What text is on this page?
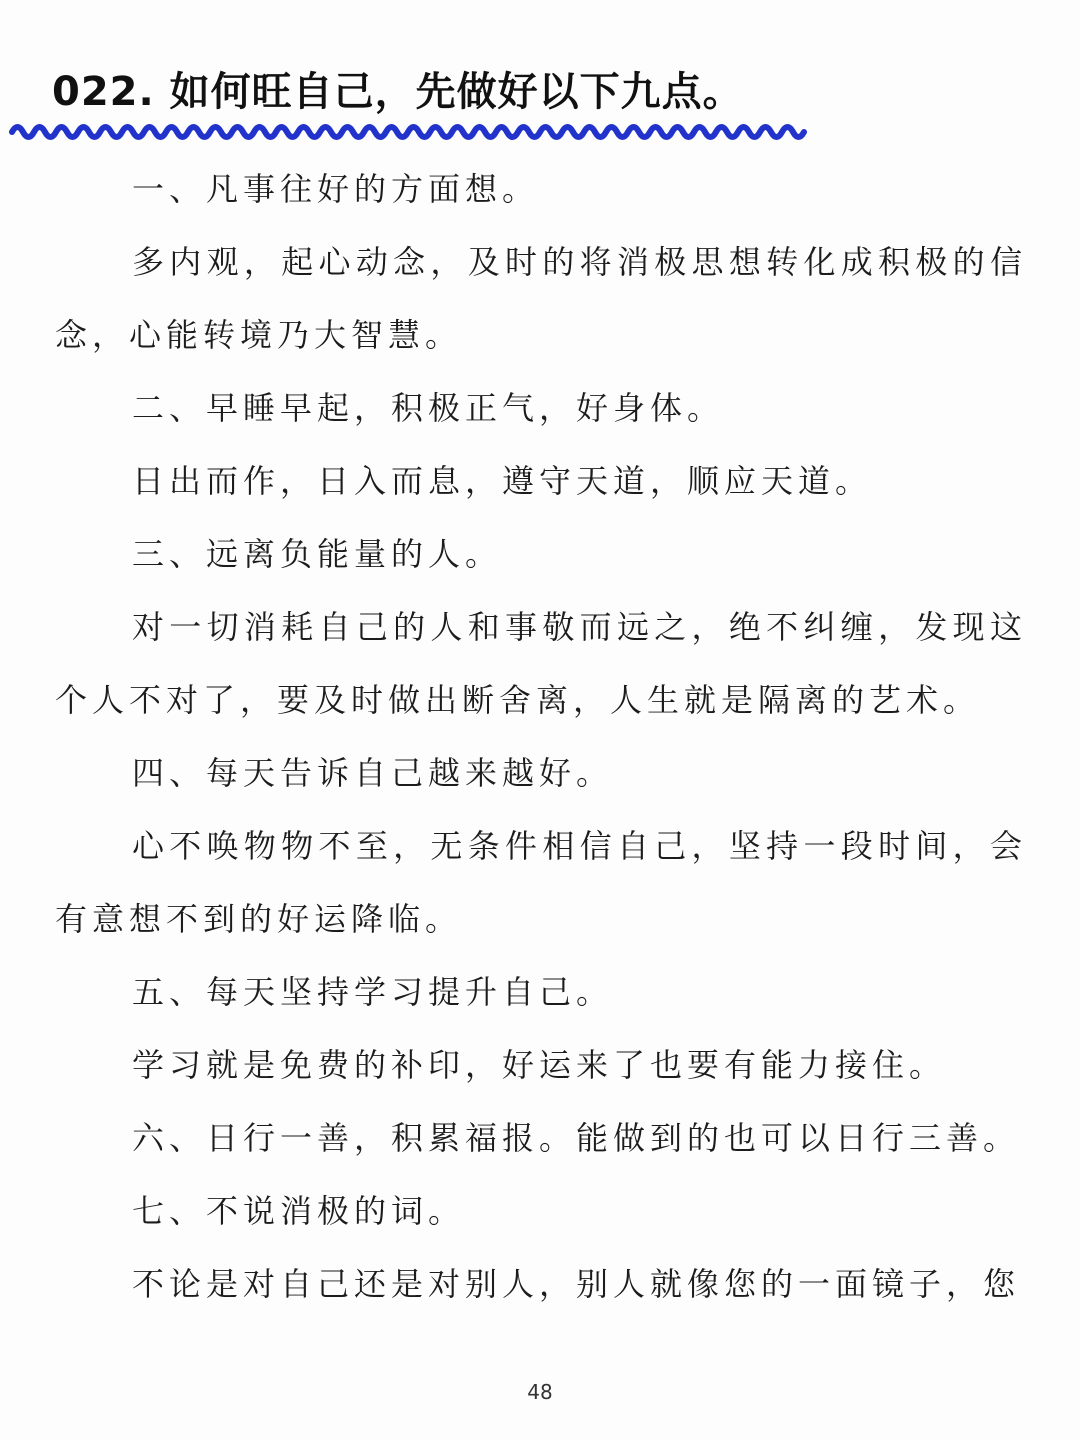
022. 如何旺自己，先做好以下九点。

一、凡事往好的方面想。

多内观，起心动念，及时的将消极思想转化成积极的信念，心能转境乃大智慧。

二、早睡早起，积极正气，好身体。

日出而作，日入而息，遵守天道，顺应天道。

三、远离负能量的人。

对一切消耗自己的人和事敬而远之，绝不纠缠，发现这个人不对了，要及时做出断舍离，人生就是隔离的艺术。

四、每天告诉自己越来越好。

心不唤物物不至，无条件相信自己，坚持一段时间，会有意想不到的好运降临。

五、每天坚持学习提升自己。

学习就是免费的补印，好运来了也要有能力接住。

六、日行一善，积累福报。能做到的也可以日行三善。

七、不说消极的词。

不论是对自己还是对别人，别人就像您的一面镜子，您

48
